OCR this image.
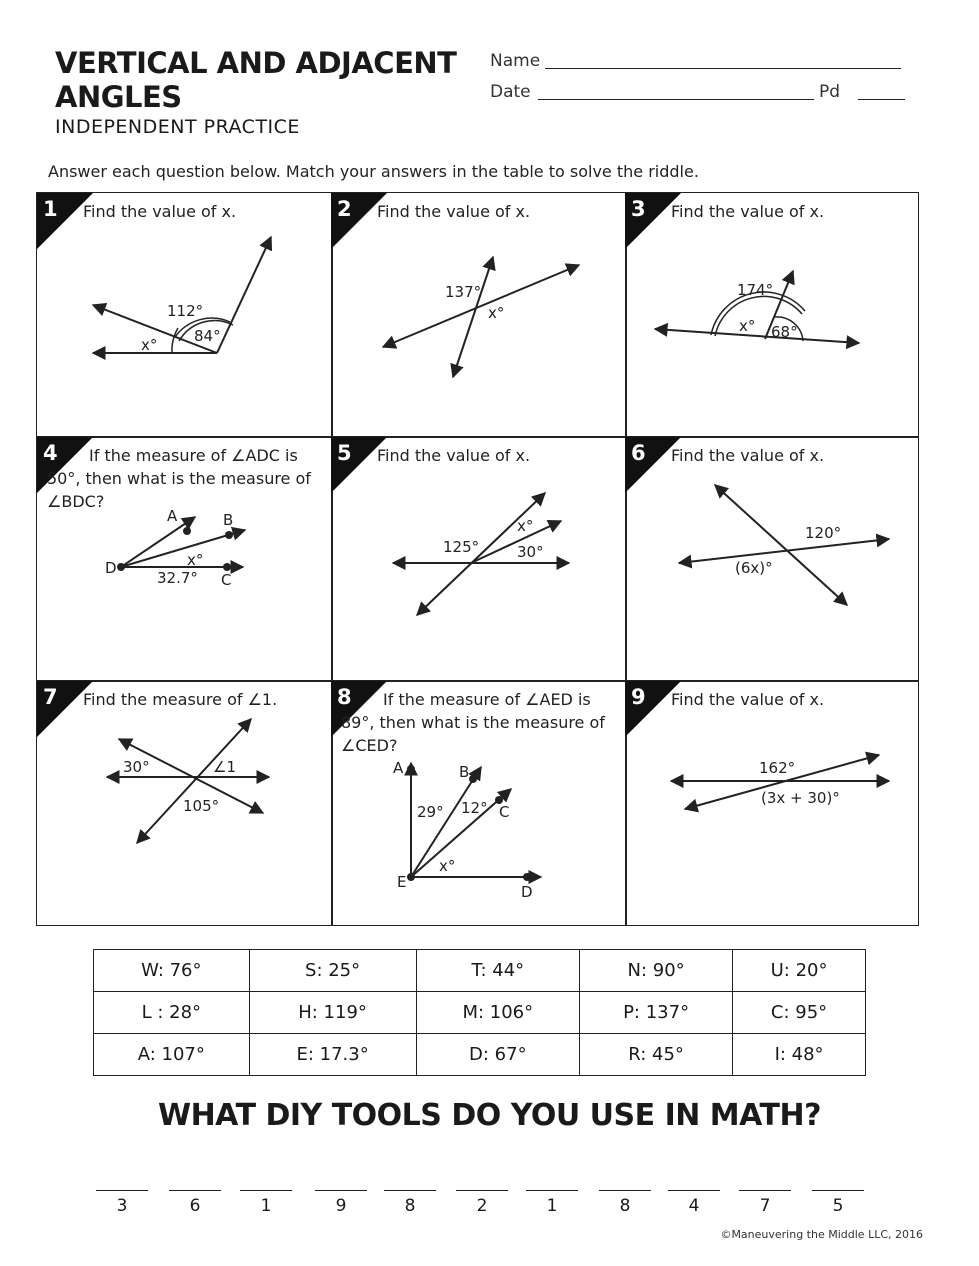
VERTICAL AND ADJACENT
ANGLES
INDEPENDENT PRACTICE
Name
Date	Pd
Answer each question below. Match your answers in the table to solve the riddle.
1 Find the value of x.
112°
84°
x°
2 Find the value of x.
137°
x°
3 Find the value of x.
174°
x° 68°
4	If the measure of ∠ADC is 50°, then what is the measure of ∠BDC?
A	B
C
D
32.7°
x°
5 Find the value of x.
125°
x°
30°
6 Find the value of x.
120°
(6x)°
7 Find the measure of ∠1.
30°	∠1
105°
8	If the measure of ∠AED is 89°, then what is the measure of ∠CED?
A	B
C
D
E
29° 12°
x°
9 Find the value of x.
162°
(3x + 30)°
W: 76°	S: 25°	T: 44°	N: 90°	U: 20°
L : 28°	H: 119°	M: 106°	P: 137°	C: 95°
A: 107°	E: 17.3°	D: 67°	R: 45°	I: 48°
WHAT DIY TOOLS DO YOU USE IN MATH?
3	6	1	9	8	2	1	8	4	7	5
©Maneuvering the Middle LLC, 2016
